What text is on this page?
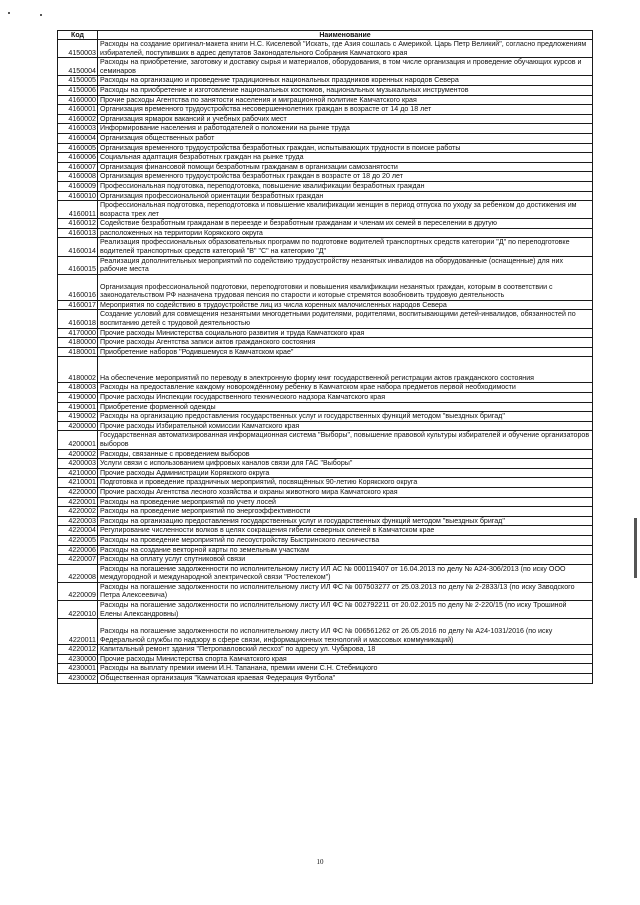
Код	Наименование
4150003	Расходы на создание оригинал-макета книги Н.С. Киселевой "Искать, где Азия сошлась с Америкой. Царь Петр Великий", согласно предложениям избирателей, поступивших в адрес депутатов Законодательного Собрания Камчатского края
4150004	Расходы на приобретение, заготовку и доставку сырья и материалов, оборудования, в том числе организация и проведение обучающих курсов и семинаров
4150005	Расходы на организацию и проведение традиционных национальных праздников коренных народов Севера
4150006	Расходы на приобретение и изготовление национальных костюмов, национальных музыкальных инструментов
4160000	Прочие расходы Агентства по занятости населения и миграционной политике Камчатского края
4160001	Организация временного трудоустройства несовершеннолетних граждан в возрасте от 14 до 18 лет
4160002	Организация ярмарок вакансий и учебных рабочих мест
4160003	Информирование населения и работодателей о положении на рынке труда
4160004	Организация общественных работ
4160005	Организация временного трудоустройства безработных граждан, испытывающих трудности в поиске работы
4160006	Социальная адаптация безработных граждан на рынке труда
4160007	Организация финансовой помощи безработным гражданам в организации самозанятости
4160008	Организация временного трудоустройства безработных граждан в возрасте от 18 до 20 лет
4160009	Профессиональная подготовка, переподготовка, повышение квалификации безработных граждан
4160010	Организация профессиональной ориентации безработных граждан
4160011	Профессиональная подготовка, переподготовка и повышение квалификации женщин в период отпуска по уходу за ребенком до достижения им возраста трех лет
4160012	Содействие безработным гражданам в переезде и безработным гражданам и членам их семей в переселении в другую
4160013	расположенных на территории Корякского округа
4160014	Реализация профессиональных образовательных программ по подготовке водителей транспортных средств категории "Д" по переподготовке водителей транспортных средств категорий "В" "С" на категорию "Д"
4160015	Реализация дополнительных мероприятий по содействию трудоустройству незанятых инвалидов на оборудованные (оснащенные) для них рабочие места
4160016	Организация профессиональной подготовки, переподготовки и повышения квалификации незанятых граждан, которым в соответствии с законодательством РФ назначена трудовая пенсия по старости и которые стремятся возобновить трудовую деятельность
4160017	Мероприятия по содействию в трудоустройстве лиц из числа коренных малочисленных народов Севера
4160018	Создание условий для совмещения незанятыми многодетными родителями, родителями, воспитывающими детей-инвалидов, обязанностей по воспитанию детей с трудовой деятельностью
4170000	Прочие расходы Министерства социального развития и труда Камчатского края
4180000	Прочие расходы Агентства записи актов гражданского состояния
4180001	Приобретение наборов "Родившемуся в Камчатском крае"
4180002	На обеспечение мероприятий по переводу в электронную форму книг государственной регистрации актов гражданского состояния
4180003	Расходы на предоставление каждому новорождённому ребенку в Камчатском крае набора предметов первой необходимости
4190000	Прочие расходы Инспекции государственного технического надзора Камчатского края
4190001	Приобретение форменной одежды
4190002	Расходы на организацию предоставления государственных услуг и государственных функций методом "выездных бригад"
4200000	Прочие расходы Избирательной комиссии Камчатского края
4200001	Государственная автоматизированная информационная система "Выборы", повышение правовой культуры избирателей и обучение организаторов выборов
4200002	Расходы, связанные с проведением выборов
4200003	Услуги связи с использованием цифровых каналов связи для ГАС "Выборы"
4210000	Прочие расходы Администрации Корякского округа
4210001	Подготовка и проведение праздничных мероприятий, посвящённых 90-летию Корякского округа
4220000	Прочие расходы Агентства лесного хозяйства и охраны животного мира Камчатского края
4220001	Расходы на проведение мероприятий по учету лосей
4220002	Расходы на проведение мероприятий по энергоэффективности
4220003	Расходы на организацию предоставления государственных услуг и государственных функций методом "выездных бригад"
4220004	Регулирование численности волков в целях сокращения гибели северных оленей в Камчатском крае
4220005	Расходы на проведение мероприятий по лесоустройству Быстринского лесничества
4220006	Расходы на создание векторной карты по земельным участкам
4220007	Расходы на оплату услуг спутниковой связи
4220008	Расходы на погашение задолженности по исполнительному листу ИЛ АС № 000119407 от 16.04.2013 по делу № А24-306/2013 (по иску ООО междугородной и международной электрической связи "Ростелеком")
4220009	Расходы на погашение задолженности по исполнительному листу ИЛ ФС № 007503277 от 25.03.2013 по делу № 2-2833/13 (по иску Заводского Петра Алексеевича)
4220010	Расходы на погашение задолженности по исполнительному листу ИЛ ФС № 002792211 от 20.02.2015 по делу № 2-220/15 (по иску Трошиной Елены Александровны)
4220011	Расходы на погашение задолженности по исполнительному листу ИЛ ФС № 006561262 от 26.05.2016 по делу № А24-1031/2016 (по иску Федеральной службы по надзору в сфере связи, информационных технологий и массовых коммуникаций)
4220012	Капитальный ремонт здания "Петропавловский лесхоз" по адресу ул. Чубарова, 18
4230000	Прочие расходы Министерства спорта Камчатского края
4230001	Расходы на выплату премии имени И.Н. Тапанана, премии имени С.Н. Стебницкого
4230002	Общественная организация "Камчатская краевая Федерация Футбола"
10
